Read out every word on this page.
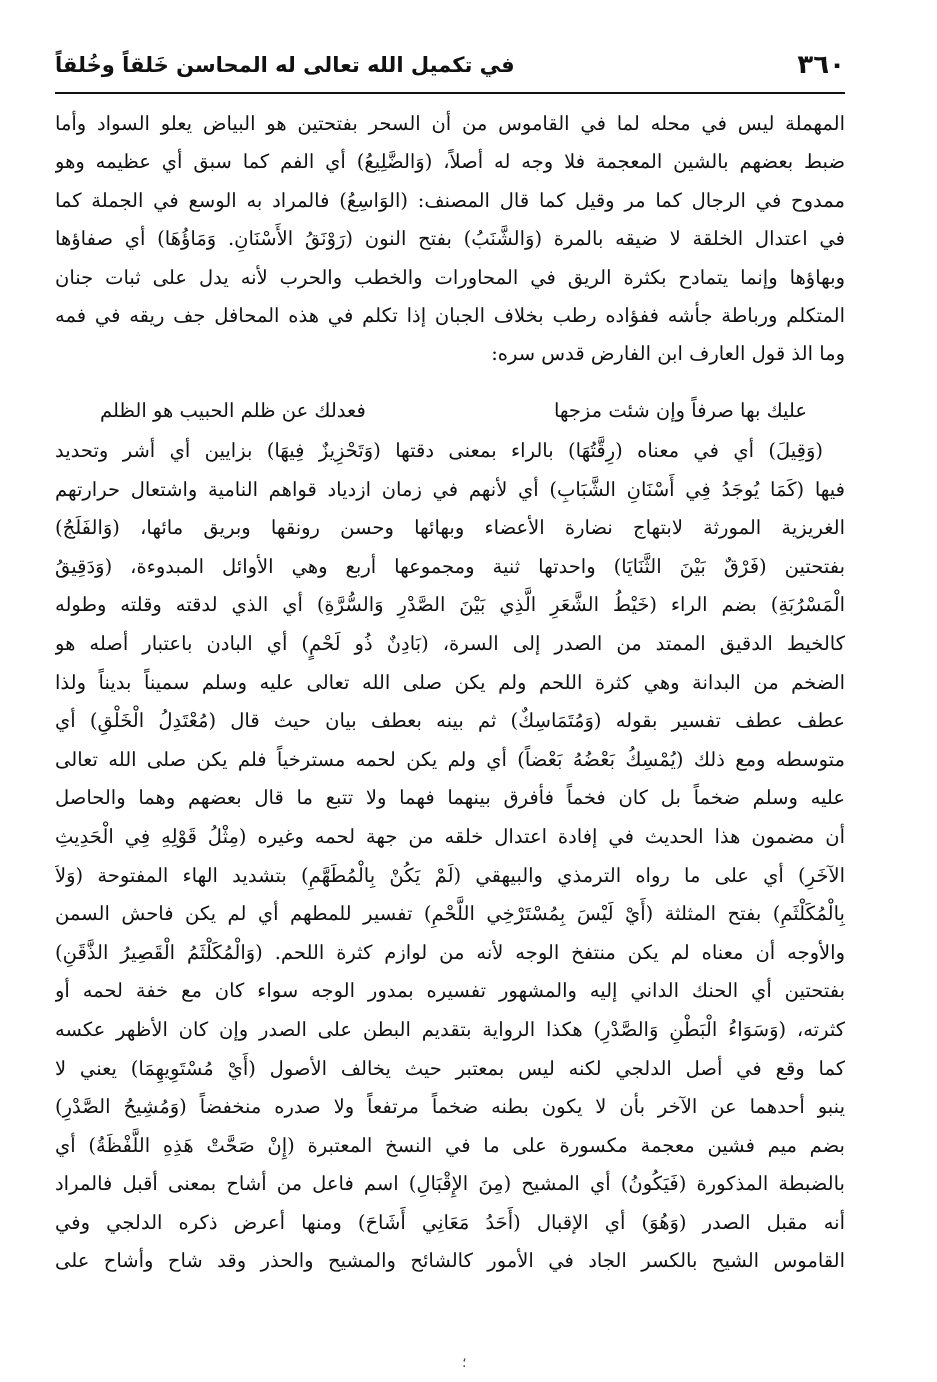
٣٦٠
في تكميل الله تعالى له المحاسن خَلقاً وخُلقاً
المهملة ليس في محله لما في القاموس من أن السحر بفتحتين هو البياض يعلو السواد وأما
ضبط بعضهم بالشين المعجمة فلا وجه له أصلاً، (وَالضَّلِيعُ) أي الفم كما سبق أي عظيمه وهو
ممدوح في الرجال كما مر وقيل كما قال المصنف: (الوَاسِعُ) فالمراد به الوسع في الجملة كما
في اعتدال الخلقة لا ضيقه بالمرة (وَالشَّنَبُ) بفتح النون (رَوْنَقُ الأَسْنَانِ. وَمَاؤُهَا) أي صفاؤها
وبهاؤها وإنما يتمادح بكثرة الريق في المحاورات والخطب والحرب لأنه يدل على ثبات جنان
المتكلم ورباطة جأشه ففؤاده رطب بخلاف الجبان إذا تكلم في هذه المحافل جف ريقه في فمه
وما الذ قول العارف ابن الفارض قدس سره:
عليك بها صرفاً وإن شئت مزجها
فعدلك عن ظلم الحبيب هو الظلم
(وَقِيلَ) أي في معناه (رِقَّتُهَا) بالراء بمعنى دقتها (وَتَحْزِيزٌ فِيهَا) بزايين أي أشر وتحديد
فيها (كَمَا يُوجَدُ فِي أَسْنَانِ الشَّبَابِ) أي لأنهم في زمان ازدياد قواهم النامية واشتعال حرارتهم
الغريزية المورثة لابتهاج نضارة الأعضاء وبهائها وحسن رونقها وبريق مائها، (وَالفَلَجُ)
بفتحتين (فَرْقٌ بَيْنَ الثَّنَايَا) واحدتها ثنية ومجموعها أربع وهي الأوائل المبدوءة، (وَدَقِيقُ
الْمَسْرُبَةِ) بضم الراء (خَيْطُ الشَّعَرِ الَّذِي بَيْنَ الصَّدْرِ وَالسُّرَّةِ) أي الذي لدقته وقلته وطوله
كالخيط الدقيق الممتد من الصدر إلى السرة، (بَادِنٌ ذُو لَحْمٍ) أي البادن باعتبار أصله هو
الضخم من البدانة وهي كثرة اللحم ولم يكن صلى الله تعالى عليه وسلم سميناً بديناً ولذا
عطف عطف تفسير بقوله (وَمُتَمَاسِكٌ) ثم بينه بعطف بيان حيث قال (مُعْتَدِلُ الْخَلْقِ) أي
متوسطه ومع ذلك (يُمْسِكُ بَعْضُهُ بَعْضاً) أي ولم يكن لحمه مسترخياً فلم يكن صلى الله تعالى
عليه وسلم ضخماً بل كان فخماً فأفرق بينهما فهما ولا تتبع ما قال بعضهم وهما والحاصل
أن مضمون هذا الحديث في إفادة اعتدال خلقه من جهة لحمه وغيره (مِثْلُ قَوْلِهِ فِي الْحَدِيثِ
الآخَرِ) أي على ما رواه الترمذي والبيهقي (لَمْ يَكُنْ بِالْمُطَهَّمِ) بتشديد الهاء المفتوحة (وَلاَ
بِالْمُكَلْثَمِ) بفتح المثلثة (أَيْ لَيْسَ بِمُسْتَرْخِي اللَّحْمِ) تفسير للمطهم أي لم يكن فاحش السمن
والأوجه أن معناه لم يكن منتفخ الوجه لأنه من لوازم كثرة اللحم. (وَالْمُكَلْثَمُ الْقَصِيرُ الذَّقَنِ)
بفتحتين أي الحنك الداني إليه والمشهور تفسيره بمدور الوجه سواء كان مع خفة لحمه أو
كثرته، (وَسَوَاءُ الْبَطْنِ وَالصَّدْرِ) هكذا الرواية بتقديم البطن على الصدر وإن كان الأظهر عكسه
كما وقع في أصل الدلجي لكنه ليس بمعتبر حيث يخالف الأصول (أَيْ مُسْتَوِيهِمَا) يعني لا
ينبو أحدهما عن الآخر بأن لا يكون بطنه ضخماً مرتفعاً ولا صدره منخفضاً (وَمُشِيحُ الصَّدْرِ)
بضم ميم فشين معجمة مكسورة على ما في النسخ المعتبرة (إِنْ صَحَّتْ هَذِهِ اللَّفْظَةُ) أي
بالضبطة المذكورة (فَيَكُونُ) أي المشيح (مِنَ الإِقْبَالِ) اسم فاعل من أشاح بمعنى أقبل فالمراد
أنه مقبل الصدر (وَهُوَ) أي الإقبال (أَحَدُ مَعَانِي أَشَاحَ) ومنها أعرض ذكره الدلجي وفي
القاموس الشيح بالكسر الجاد في الأمور كالشائح والمشيح والحذر وقد شاح وأشاح على
؛
